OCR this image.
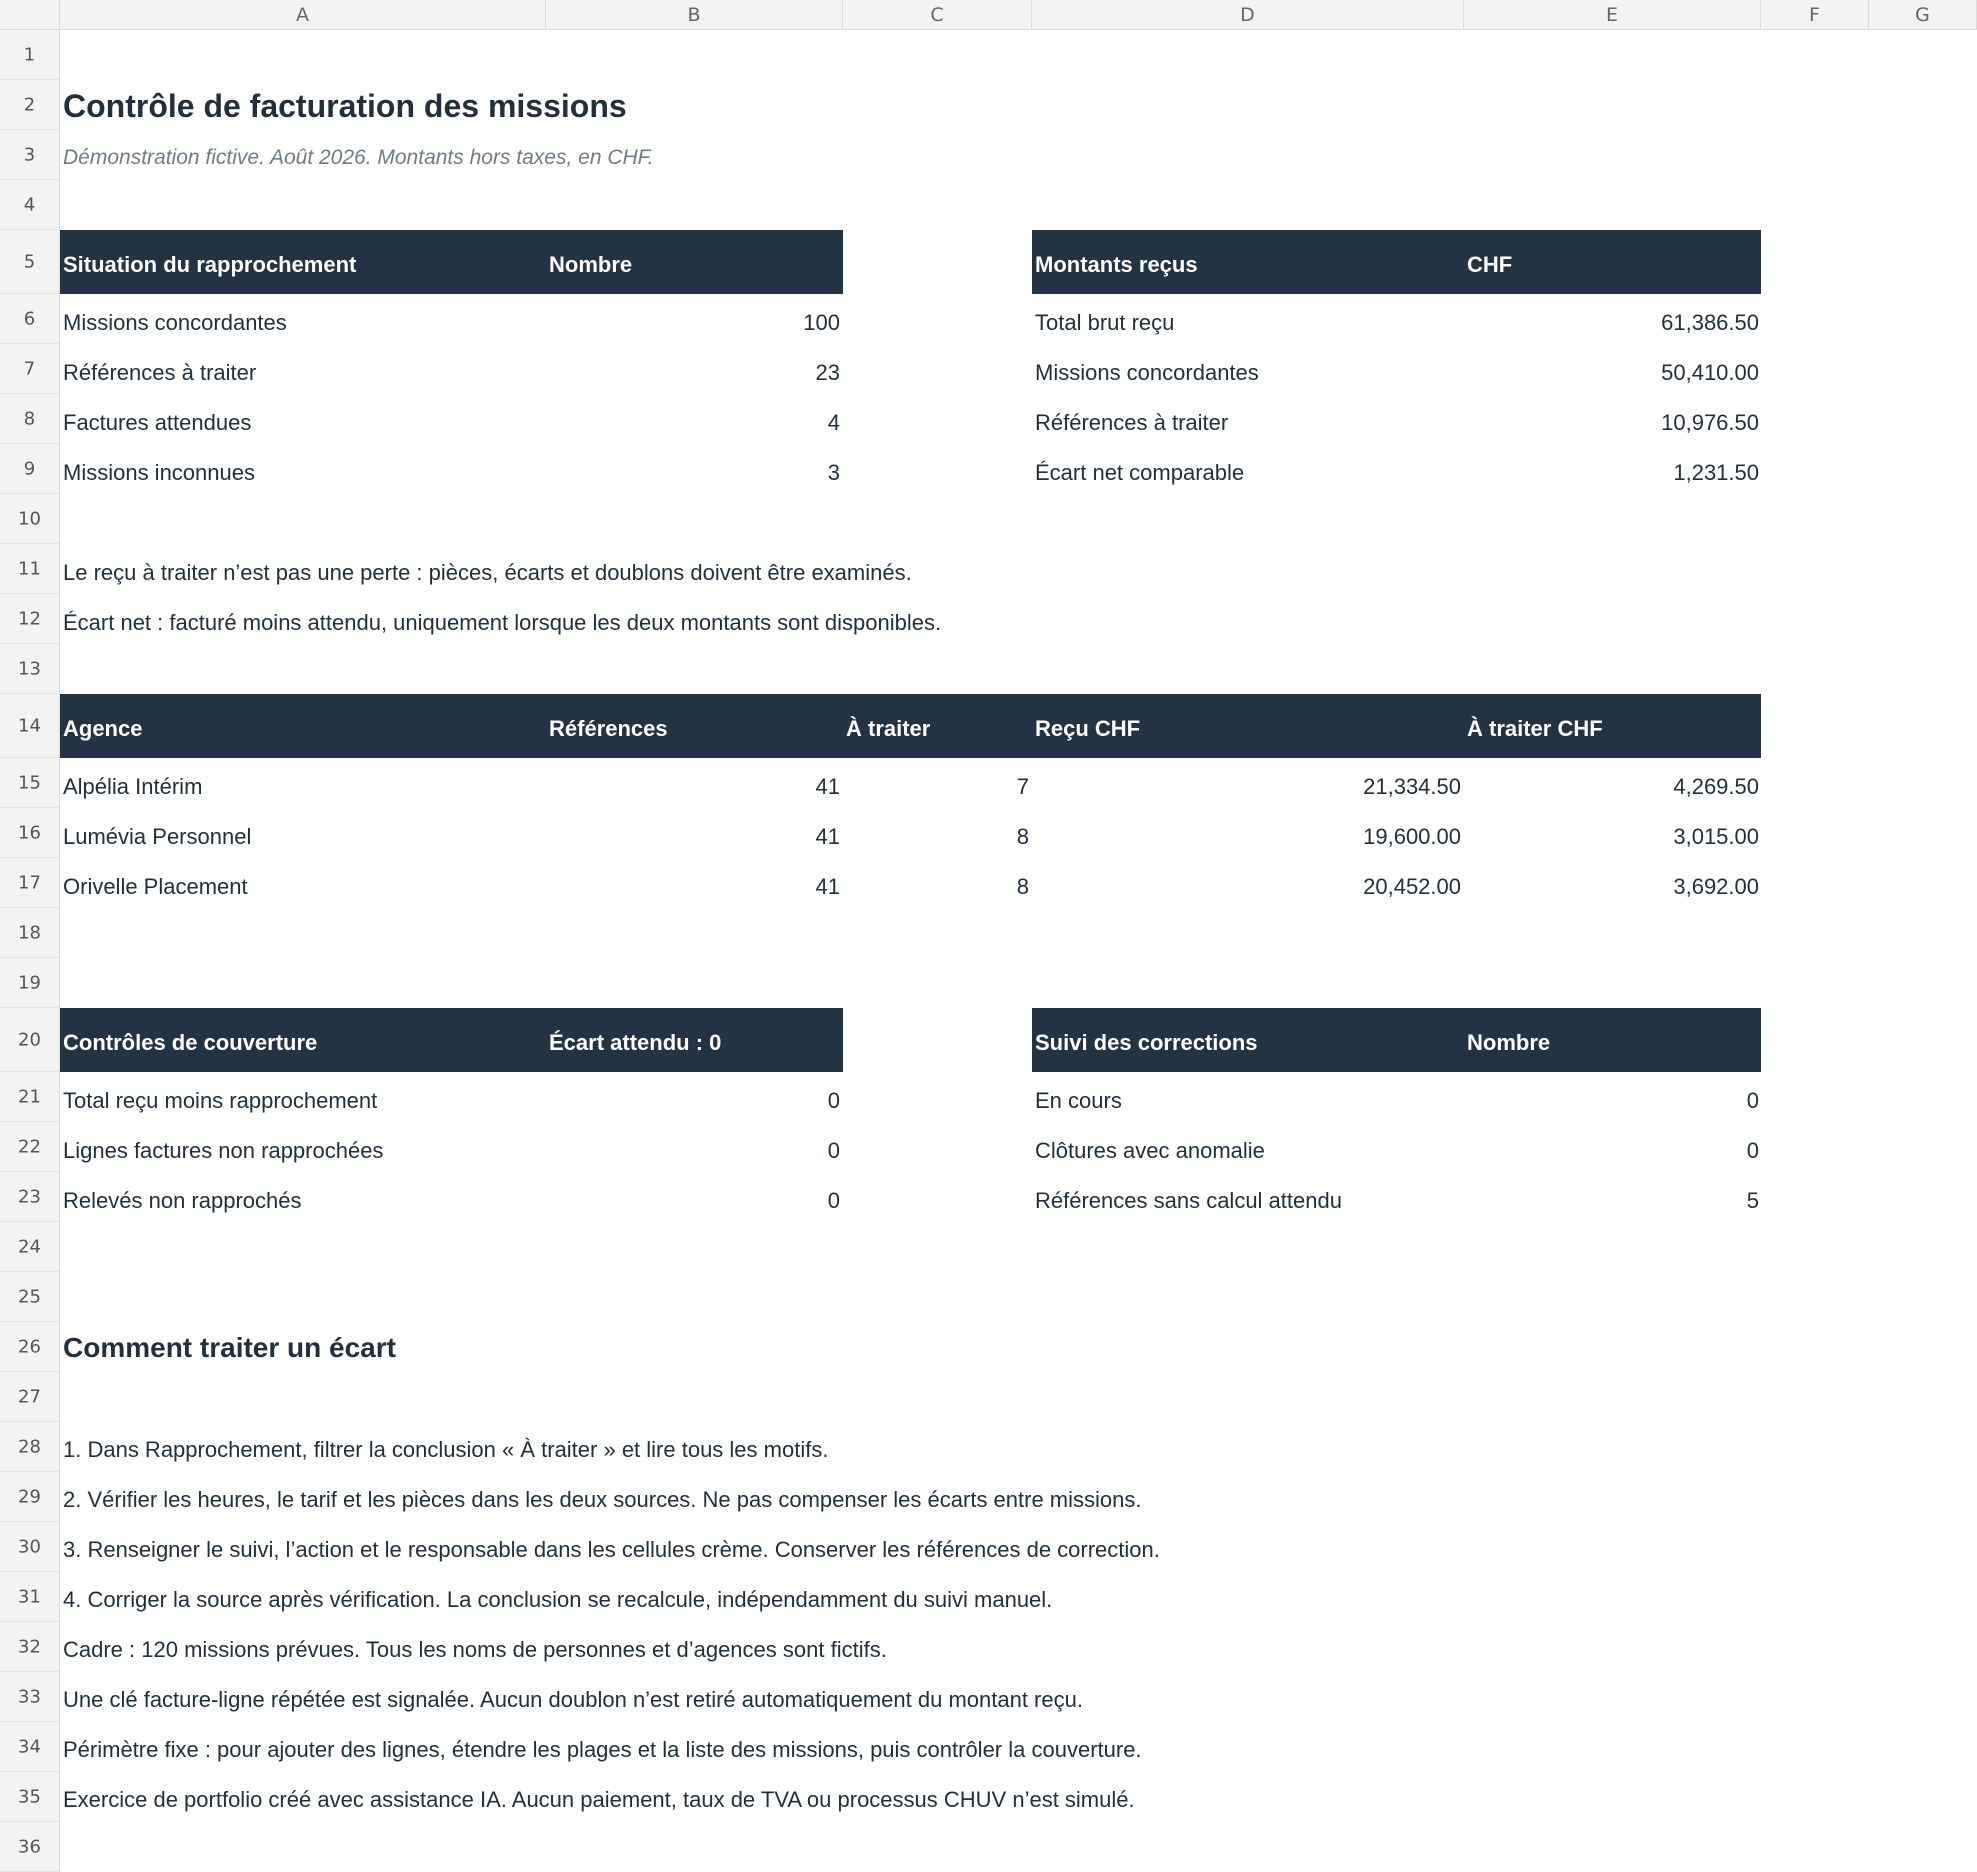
A	B	C	D	E	F	G
1
2
3
4
5
6
7
8
9
10
11
12
13
14
15
16
17
18
19
20
21
22
23
24
25
26
27
28
29
30
31
32
33
34
35
36
Contrôle de facturation des missions
Démonstration fictive. Août 2026. Montants hors taxes, en CHF.
Situation du rapprochement	Nombre
Missions concordantes	100
Références à traiter	23
Factures attendues	4
Missions inconnues	3
Montants reçus	CHF
Total brut reçu	61,386.50
Missions concordantes	50,410.00
Références à traiter	10,976.50
Écart net comparable	1,231.50
Le reçu à traiter n’est pas une perte : pièces, écarts et doublons doivent être examinés.
Écart net : facturé moins attendu, uniquement lorsque les deux montants sont disponibles.
Agence	Références	À traiter	Reçu CHF	À traiter CHF
Alpélia Intérim	41	7	21,334.50	4,269.50
Lumévia Personnel	41	8	19,600.00	3,015.00
Orivelle Placement	41	8	20,452.00	3,692.00
Contrôles de couverture	Écart attendu : 0
Total reçu moins rapprochement	0
Lignes factures non rapprochées	0
Relevés non rapprochés	0
Suivi des corrections	Nombre
En cours	0
Clôtures avec anomalie	0
Références sans calcul attendu	5
Comment traiter un écart
1. Dans Rapprochement, filtrer la conclusion « À traiter » et lire tous les motifs.
2. Vérifier les heures, le tarif et les pièces dans les deux sources. Ne pas compenser les écarts entre missions.
3. Renseigner le suivi, l’action et le responsable dans les cellules crème. Conserver les références de correction.
4. Corriger la source après vérification. La conclusion se recalcule, indépendamment du suivi manuel.
Cadre : 120 missions prévues. Tous les noms de personnes et d’agences sont fictifs.
Une clé facture-ligne répétée est signalée. Aucun doublon n’est retiré automatiquement du montant reçu.
Périmètre fixe : pour ajouter des lignes, étendre les plages et la liste des missions, puis contrôler la couverture.
Exercice de portfolio créé avec assistance IA. Aucun paiement, taux de TVA ou processus CHUV n’est simulé.
